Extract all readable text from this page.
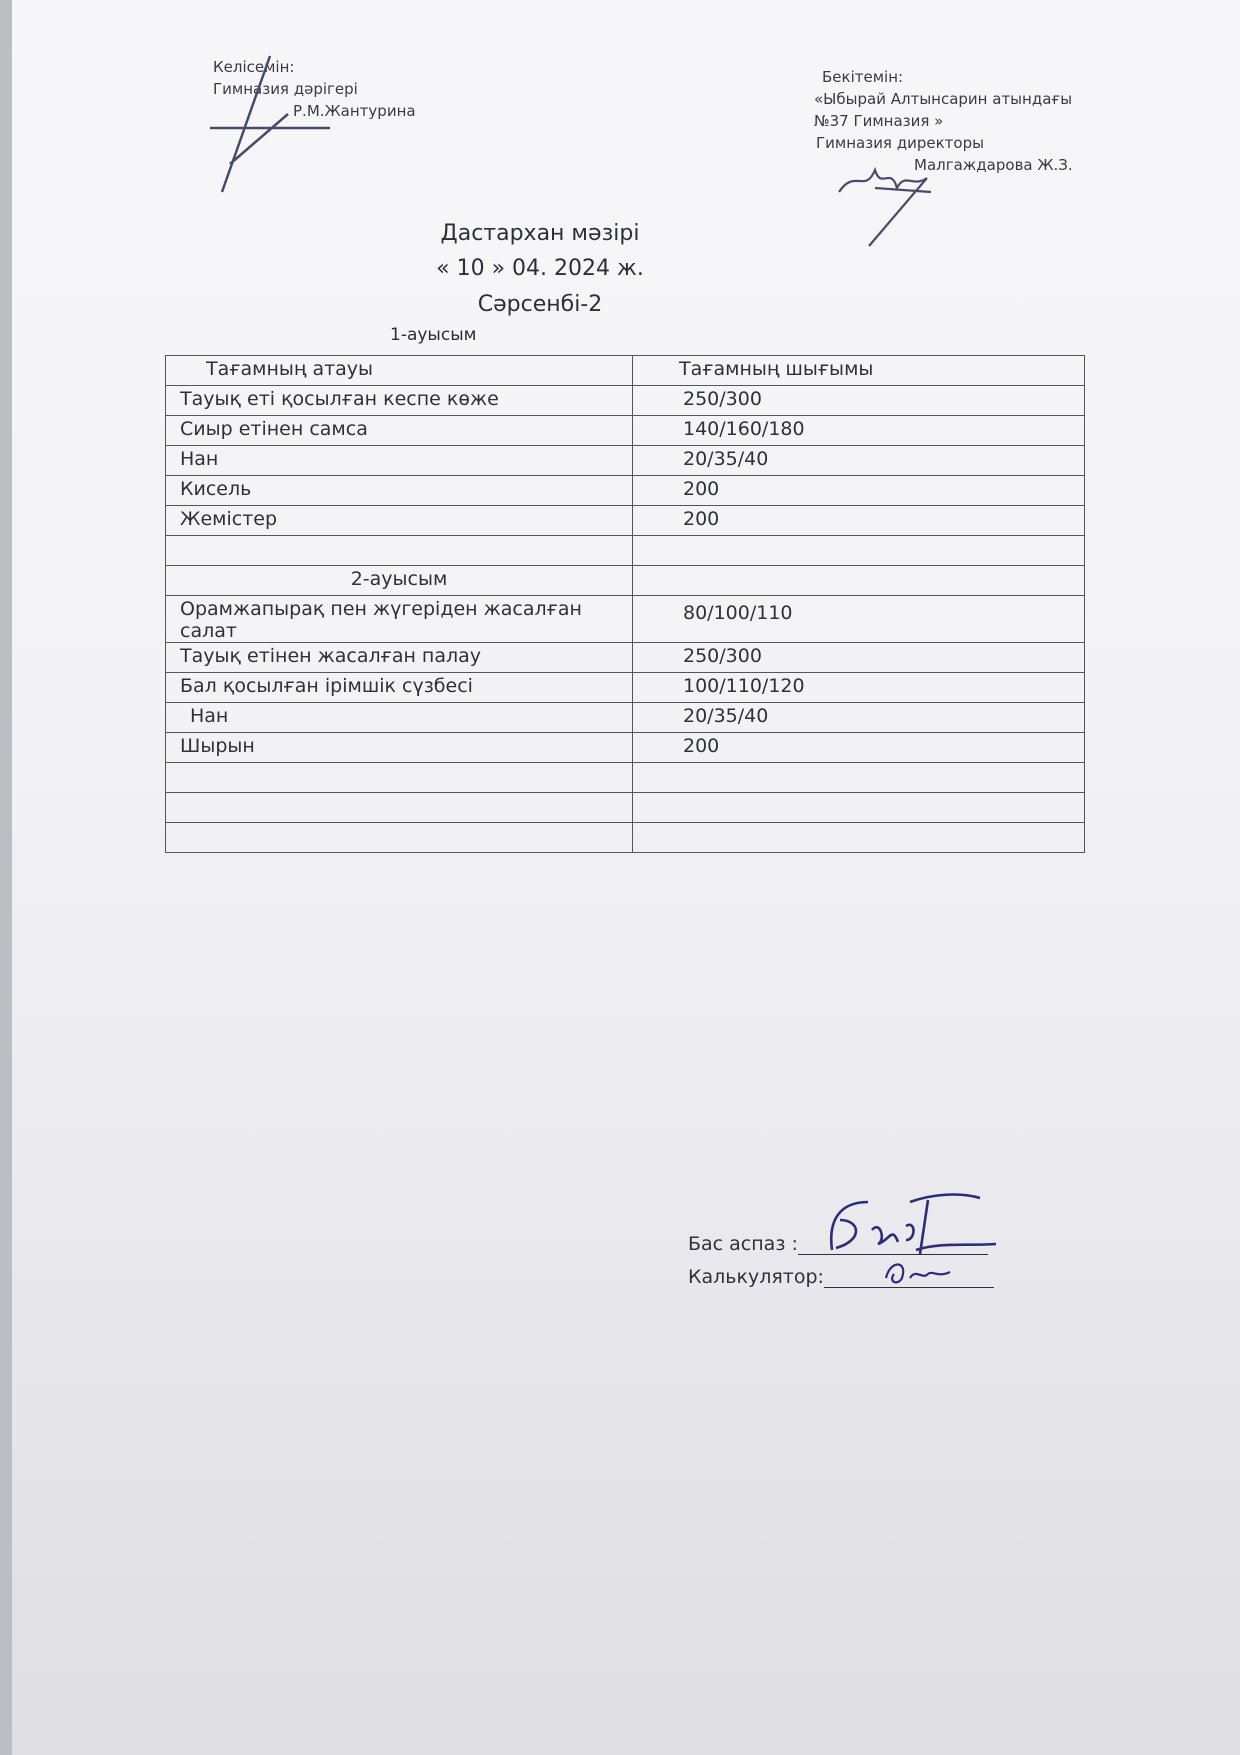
Келісемін:
Гимназия дәрігері
Р.М.Жантурина
Бекітемін:
«Ыбырай Алтынсарин атындағы
№37 Гимназия »
Гимназия директоры
Малгаждарова Ж.З.
Дастархан мәзірі
« 10 » 04. 2024 ж.
Сәрсенбі-2
1-ауысым
Тағамның атауы	Тағамның шығымы
Тауық еті қосылған кеспе көже	250/300
Сиыр етінен самса	140/160/180
Нан	20/35/40
Кисель	200
Жемістер	200

2-ауысым	
Орамжапырақ пен жүгеріден жасалған салат	80/100/110
Тауық етінен жасалған палау	250/300
Бал қосылған ірімшік сүзбесі	100/110/120
Нан	20/35/40
Шырын	200

Бас аспаз :
Калькулятор:
